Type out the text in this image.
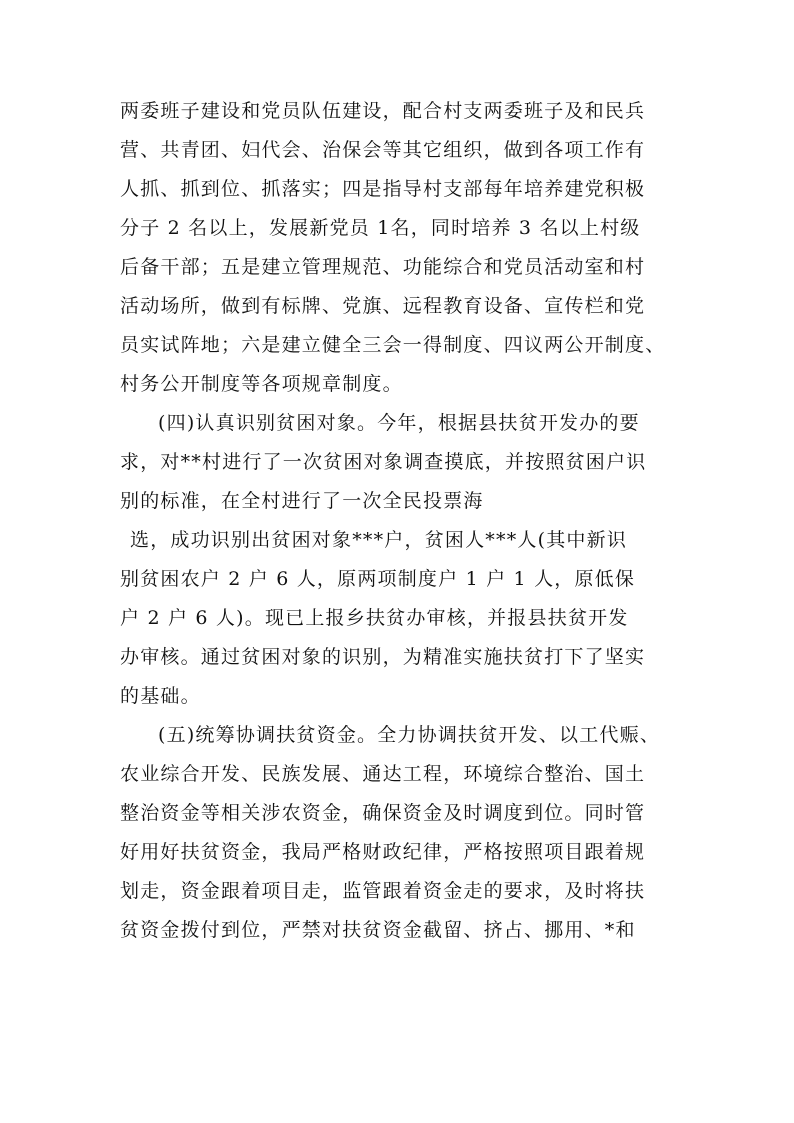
两委班子建设和党员队伍建设，配合村支两委班子及和民兵
营、共青团、妇代会、治保会等其它组织，做到各项工作有
人抓、抓到位、抓落实；四是指导村支部每年培养建党积极
分子 2 名以上，发展新党员 1名，同时培养 3 名以上村级
后备干部；五是建立管理规范、功能综合和党员活动室和村
活动场所，做到有标牌、党旗、远程教育设备、宣传栏和党
员实试阵地；六是建立健全三会一得制度、四议两公开制度、
村务公开制度等各项规章制度。
(四)认真识别贫困对象。今年，根据县扶贫开发办的要
求，对**村进行了一次贫困对象调查摸底，并按照贫困户识
别的标准，在全村进行了一次全民投票海
选，成功识别出贫困对象***户，贫困人***人(其中新识
别贫困农户 2 户 6 人，原两项制度户 1 户 1 人，原低保
户 2 户 6 人)。现已上报乡扶贫办审核，并报县扶贫开发
办审核。通过贫困对象的识别，为精准实施扶贫打下了坚实
的基础。
(五)统筹协调扶贫资金。全力协调扶贫开发、以工代赈、
农业综合开发、民族发展、通达工程，环境综合整治、国土
整治资金等相关涉农资金，确保资金及时调度到位。同时管
好用好扶贫资金，我局严格财政纪律，严格按照项目跟着规
划走，资金跟着项目走，监管跟着资金走的要求，及时将扶
贫资金拨付到位，严禁对扶贫资金截留、挤占、挪用、*和
